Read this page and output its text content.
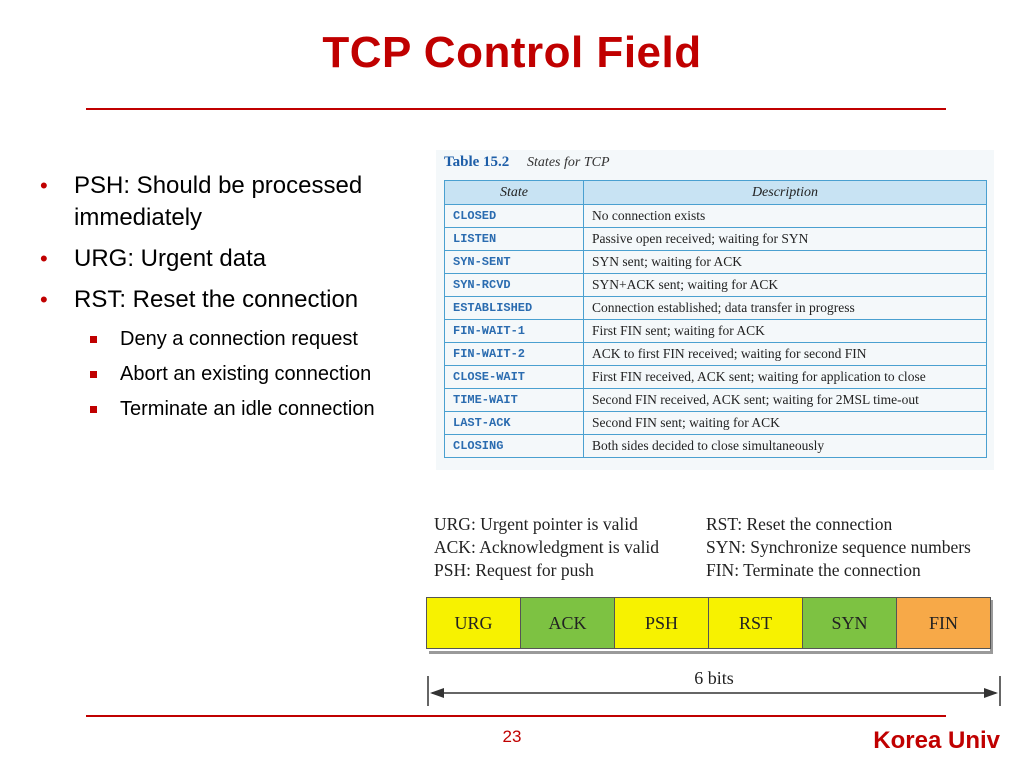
TCP Control Field
• PSH: Should be processed immediately
• URG: Urgent data
• RST: Reset the connection
Deny a connection request
Abort an existing connection
Terminate an idle connection
Table 15.2 States for TCP
State	Description
CLOSED	No connection exists
LISTEN	Passive open received; waiting for SYN
SYN-SENT	SYN sent; waiting for ACK
SYN-RCVD	SYN+ACK sent; waiting for ACK
ESTABLISHED	Connection established; data transfer in progress
FIN-WAIT-1	First FIN sent; waiting for ACK
FIN-WAIT-2	ACK to first FIN received; waiting for second FIN
CLOSE-WAIT	First FIN received, ACK sent; waiting for application to close
TIME-WAIT	Second FIN received, ACK sent; waiting for 2MSL time-out
LAST-ACK	Second FIN sent; waiting for ACK
CLOSING	Both sides decided to close simultaneously
URG: Urgent pointer is valid
ACK: Acknowledgment is valid
PSH: Request for push
RST: Reset the connection
SYN: Synchronize sequence numbers
FIN: Terminate the connection
URG	ACK	PSH	RST	SYN	FIN
6 bits
23	Korea Univ
